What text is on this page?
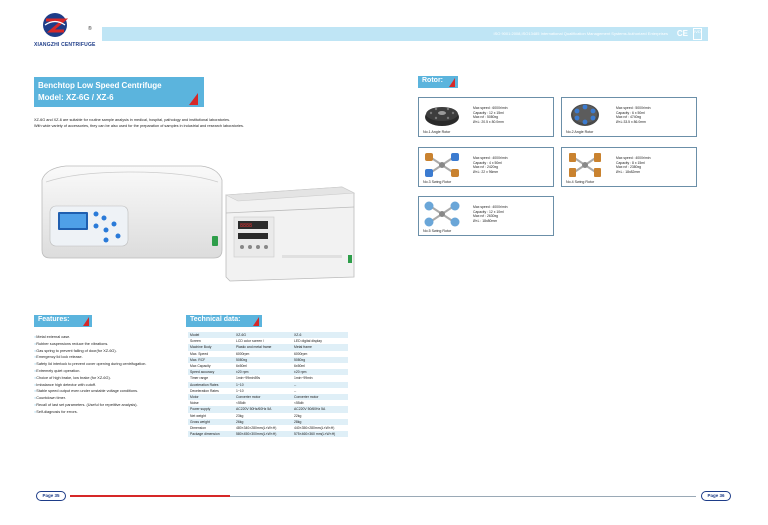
®
XIANGZHI CENTRIFUGE
ISO 9001:2008,ISO13485 International Qualification Management Systems Authorized Enterprises CE IVD
Benchtop Low Speed Centrifuge
Model: XZ-6G / XZ-6
XZ-6G and XZ-6 are suitable for routine sample analysis in medical, hospital, pathology and institutional laboratories.
With wide variety of accessories, they can be also used for the preparation of samples in industrial and research laboratories.
8888
Features:
○ Metal external case.
○ Rubber suspensions reduce the vibrations.
○ Gas spring to prevent falling of door(for XZ-6G).
○ Emergency lid lock release.
○ Safety lid interlock to prevent cover opening during centrifugation.
○ Extremely quiet operation.
○ Choice of high brake, low brake (for XZ-6G).
○ Imbalance high detector with cutoff.
○ Stable speed output even under unstable voltage conditions.
○ Countdown timer.
○ Recall of last set parameters. (Useful for repetitive analysis).
○ Self-diagnosis for errors.
Technical data:
Model	XZ-6G	XZ-6
Screen	LCD color screen /	LED digital display
Machine Body	Plastic and metal frame	Metal frame
Max. Speed	6000rpm	6000rpm
Max. RCF	5080xg	5080xg
Max Capacity	6x50ml	6x50ml
Speed accuracy	±20 rpm	±20 rpm
Timer range	1min~99min59s	1min~99min
Acceleration Rates	1~10	--
Deceleration Rates	1~10	--
Motor	Converter motor	Converter motor
Noise	<55db	<55db
Power supply	AC220V 50Hz/60Hz 5A	AC220V 50/60Hz 5A
Net weight	23kg	22kg
Gross weight	26kg	28kg
Dimension	480×340×280mm(L×W×H)	440×350×280mm(L×W×H)
Package dimension	580×450×300mm(L×W×H)	575×460×360 mm(L×W×H)
Rotor:
No.1 Angle Rotor
Max speed : 6000r/min
Capacity : 12 x 15ml
Max rcf : 5080xg
Ø×L: 20.5 x 80.0mm
No.2 Angle Rotor
Max speed : 5000r/min
Capacity : 6 x 50ml
Max rcf : 4740xg
Ø×L:33.5 x 86.0mm
No.3 Swing Rotor
Max speed : 4000r/min
Capacity : 4 x 50ml
Max rcf : 2420xg
Ø×L: 22 x 96mm
No.4 Swing Rotor
Max speed : 4000r/min
Capacity : 8 x 15ml
Max rcf : 2380xg
Ø×L : 18x82mm
No.5 Swing Rotor
Max speed : 4000r/min
Capacity : 12 x 10ml
Max rcf : 2630xg
Ø×L : 18x80mm
Page 35	Page 36
